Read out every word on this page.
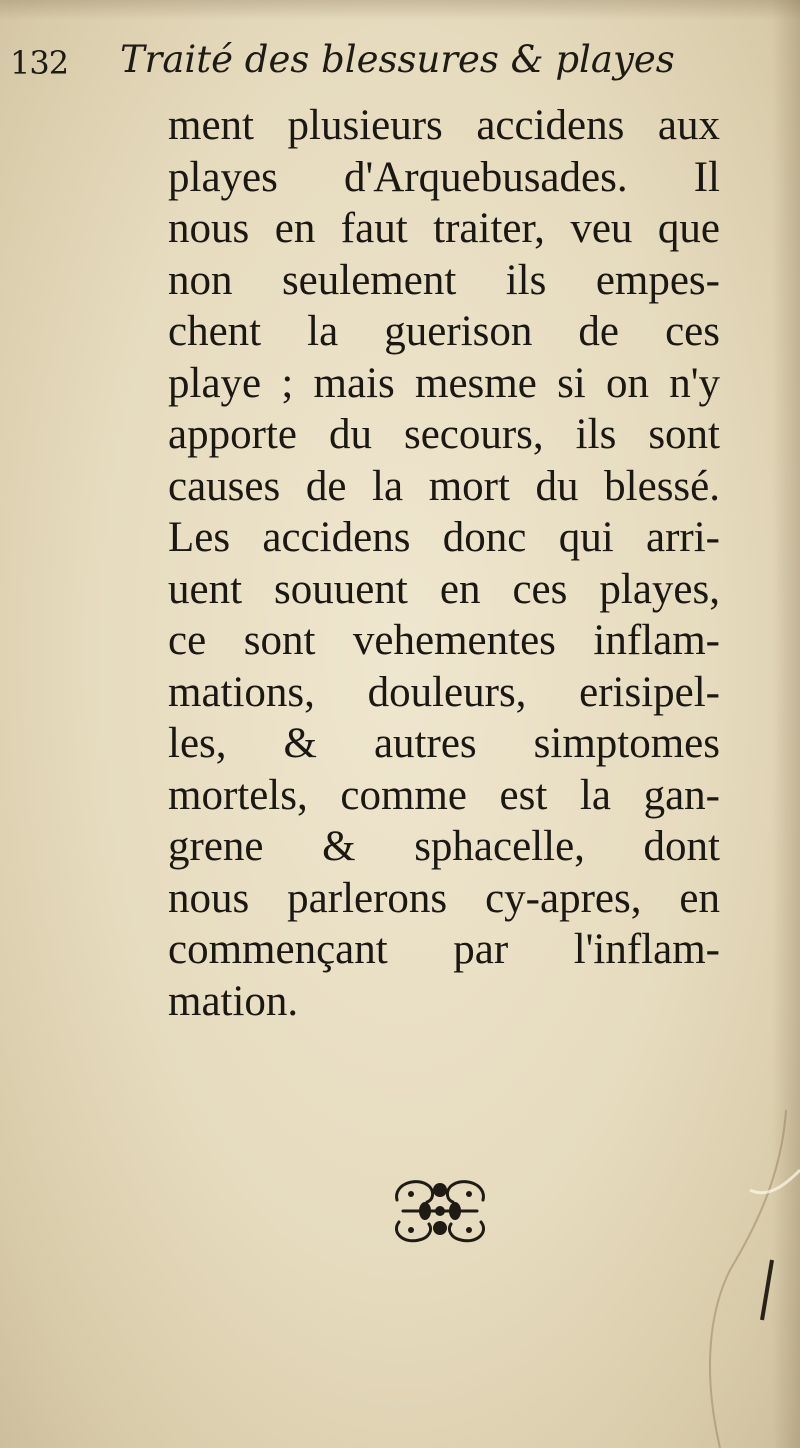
132 Traité des blessures & playes
ment plusieurs accidens aux
playes d'Arquebusades. Il
nous en faut traiter, veu que
non seulement ils empes-
chent la guerison de ces
playe ; mais mesme si on n'y
apporte du secours, ils sont
causes de la mort du blessé.
Les accidens donc qui arri-
uent souuent en ces playes,
ce sont vehementes inflam-
mations, douleurs, erisipel-
les, & autres simptomes
mortels, comme est la gan-
grene & sphacelle, dont
nous parlerons cy-apres, en
commençant par l'inflam-
mation.
